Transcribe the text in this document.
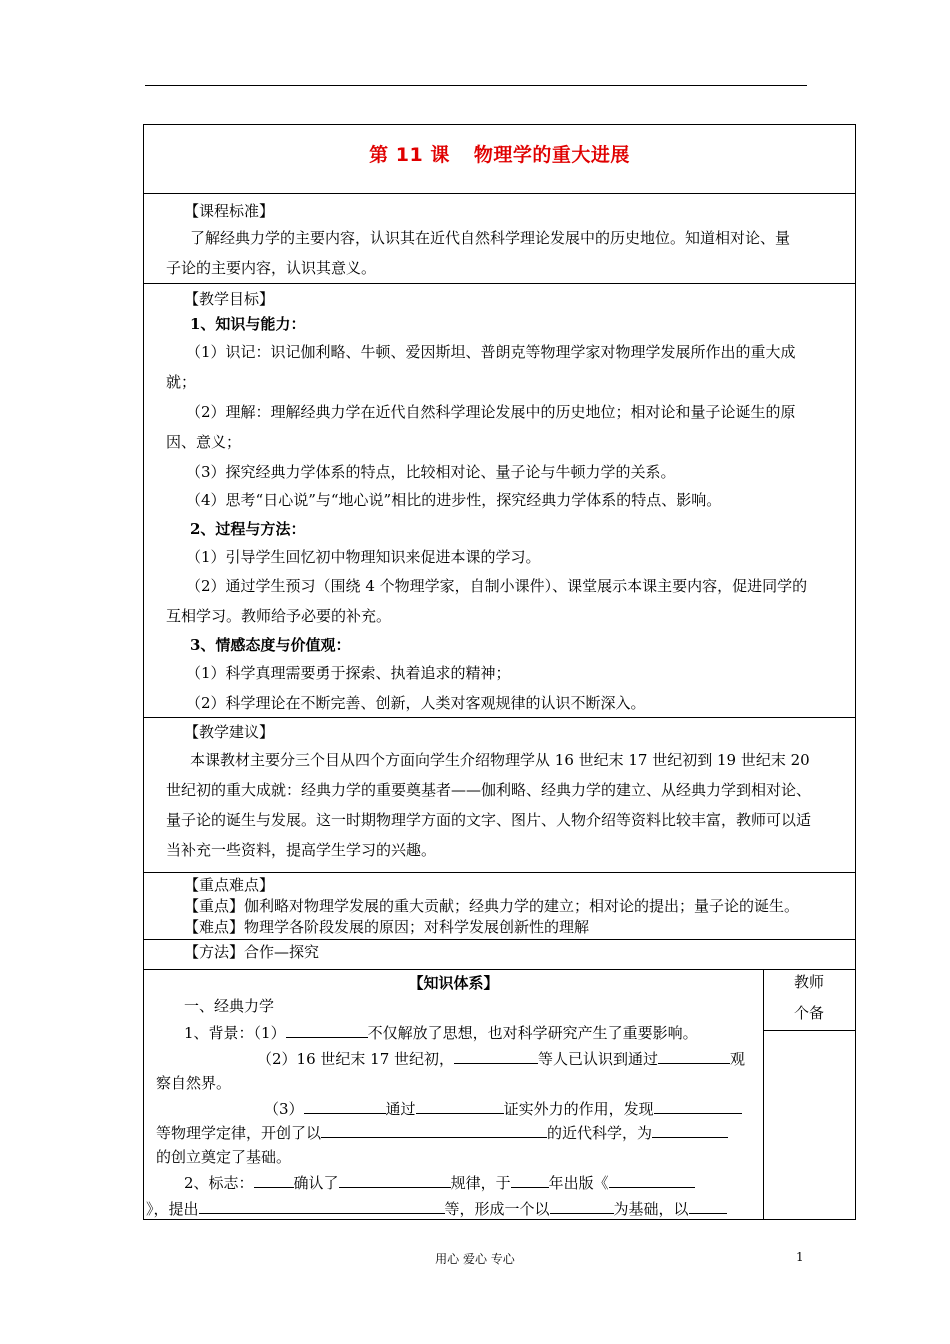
第 11 课 物理学的重大进展
【课程标准】
了解经典力学的主要内容，认识其在近代自然科学理论发展中的历史地位。知道相对论、量
子论的主要内容，认识其意义。
【教学目标】
1、知识与能力：
（1）识记：识记伽利略、牛顿、爱因斯坦、普朗克等物理学家对物理学发展所作出的重大成
就；
（2）理解：理解经典力学在近代自然科学理论发展中的历史地位；相对论和量子论诞生的原
因、意义；
（3）探究经典力学体系的特点，比较相对论、量子论与牛顿力学的关系。
（4）思考“日心说”与“地心说”相比的进步性，探究经典力学体系的特点、影响。
2、过程与方法：
（1）引导学生回忆初中物理知识来促进本课的学习。
（2）通过学生预习（围绕 4 个物理学家，自制小课件）、课堂展示本课主要内容，促进同学的
互相学习。教师给予必要的补充。
3、情感态度与价值观：
（1）科学真理需要勇于探索、执着追求的精神；
（2）科学理论在不断完善、创新，人类对客观规律的认识不断深入。
【教学建议】
本课教材主要分三个目从四个方面向学生介绍物理学从 16 世纪末 17 世纪初到 19 世纪末 20
世纪初的重大成就：经典力学的重要奠基者——伽利略、经典力学的建立、从经典力学到相对论、
量子论的诞生与发展。这一时期物理学方面的文字、图片、人物介绍等资料比较丰富，教师可以适
当补充一些资料，提高学生学习的兴趣。
【重点难点】
【重点】伽利略对物理学发展的重大贡献；经典力学的建立；相对论的提出；量子论的诞生。
【难点】物理学各阶段发展的原因；对科学发展创新性的理解
【方法】合作—探究
教师
个备
【知识体系】
一、经典力学
1、背景：（1）	不仅解放了思想，也对科学研究产生了重要影响。
（2）16 世纪末 17 世纪初，	等人已认识到通过	观
察自然界。
（3）	通过	证实外力的作用，发现
等物理学定律，开创了以	的近代科学，为
的创立奠定了基础。
2、标志：	确认了	规律，于	年出版《
》，提出	等，形成一个以	为基础，以
用心 爱心 专心	1
